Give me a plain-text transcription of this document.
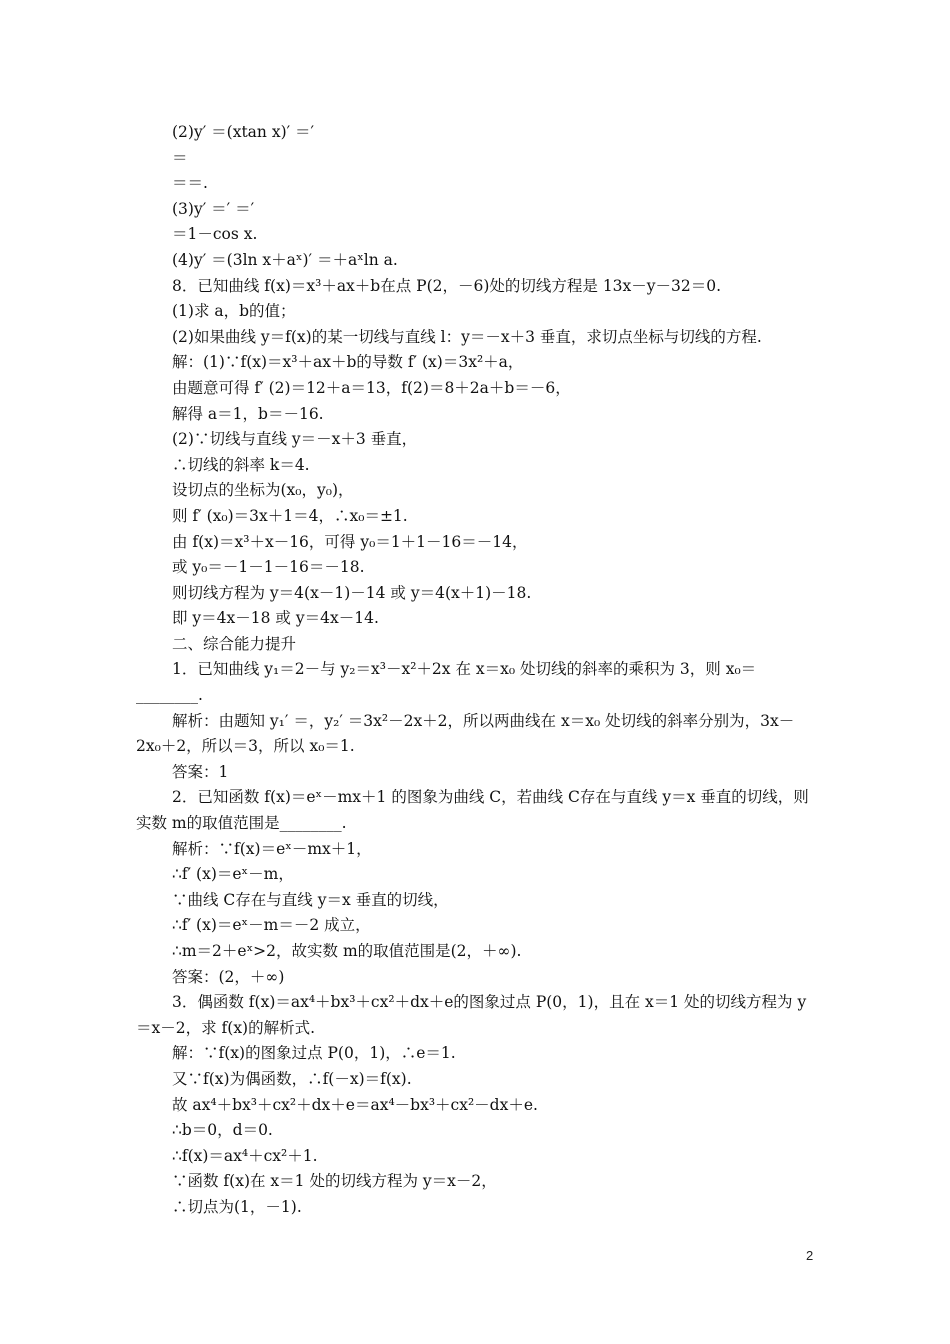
(2)y′ ＝(xtan x)′ ＝′
＝
＝＝.
(3)y′ ＝′ ＝′
＝1－cos x.
(4)y′ ＝(3ln x＋aˣ)′ ＝＋aˣln a.
8．已知曲线 f(x)＝x³＋ax＋b在点 P(2，－6)处的切线方程是 13x－y－32＝0.
(1)求 a，b的值；
(2)如果曲线 y＝f(x)的某一切线与直线 l：y＝－x＋3 垂直，求切点坐标与切线的方程.
解：(1)∵f(x)＝x³＋ax＋b的导数 f′ (x)＝3x²＋a，
由题意可得 f′ (2)＝12＋a＝13，f(2)＝8＋2a＋b＝－6，
解得 a＝1，b＝－16.
(2)∵切线与直线 y＝－x＋3 垂直，
∴切线的斜率 k＝4.
设切点的坐标为(x₀，y₀)，
则 f′ (x₀)＝3x＋1＝4，∴x₀＝±1.
由 f(x)＝x³＋x－16，可得 y₀＝1＋1－16＝－14，
或 y₀＝－1－1－16＝－18.
则切线方程为 y＝4(x－1)－14 或 y＝4(x＋1)－18.
即 y＝4x－18 或 y＝4x－14.
二、综合能力提升
1．已知曲线 y₁＝2－与 y₂＝x³－x²＋2x 在 x＝x₀ 处切线的斜率的乘积为 3，则 x₀＝
________.
解析：由题知 y₁′ ＝，y₂′ ＝3x²－2x＋2，所以两曲线在 x＝x₀ 处切线的斜率分别为，3x－
2x₀＋2，所以＝3，所以 x₀＝1.
答案：1
2．已知函数 f(x)＝eˣ－mx＋1 的图象为曲线 C，若曲线 C存在与直线 y＝x 垂直的切线，则
实数 m的取值范围是________.
解析：∵f(x)＝eˣ－mx＋1，
∴f′ (x)＝eˣ－m，
∵曲线 C存在与直线 y＝x 垂直的切线，
∴f′ (x)＝eˣ－m＝－2 成立，
∴m＝2＋eˣ>2，故实数 m的取值范围是(2，＋∞).
答案：(2，＋∞)
3．偶函数 f(x)＝ax⁴＋bx³＋cx²＋dx＋e的图象过点 P(0，1)，且在 x＝1 处的切线方程为 y
＝x－2，求 f(x)的解析式.
解：∵f(x)的图象过点 P(0，1)，∴e＝1.
又∵f(x)为偶函数，∴f(－x)＝f(x).
故 ax⁴＋bx³＋cx²＋dx＋e＝ax⁴－bx³＋cx²－dx＋e.
∴b＝0，d＝0.
∴f(x)＝ax⁴＋cx²＋1.
∵函数 f(x)在 x＝1 处的切线方程为 y＝x－2，
∴切点为(1，－1).
2
